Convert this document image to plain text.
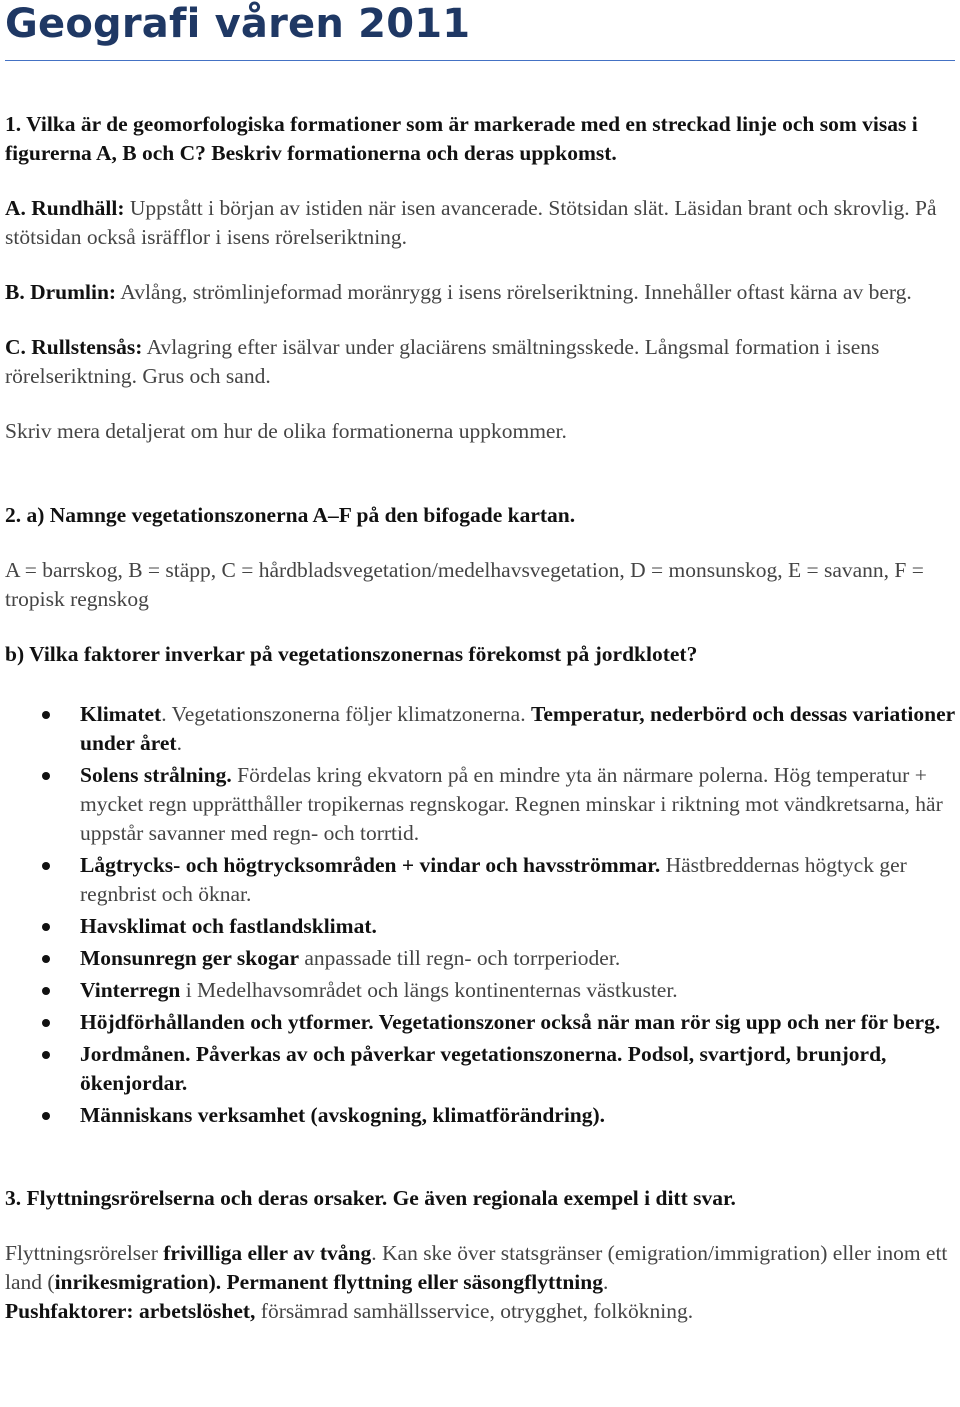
Geografi våren 2011

1. Vilka är de geomorfologiska formationer som är markerade med en streckad linje och som visas i figurerna A, B och C? Beskriv formationerna och deras uppkomst.

A. Rundhäll: Uppstått i början av istiden när isen avancerade. Stötsidan slät. Läsidan brant och skrovlig. På stötsidan också isräfflor i isens rörelseriktning.

B. Drumlin: Avlång, strömlinjeformad moränrygg i isens rörelseriktning. Innehåller oftast kärna av berg.

C. Rullstensås: Avlagring efter isälvar under glaciärens smältningsskede. Långsmal formation i isens rörelseriktning. Grus och sand.

Skriv mera detaljerat om hur de olika formationerna uppkommer.

2. a) Namnge vegetationszonerna A–F på den bifogade kartan.

A = barrskog, B = stäpp, C = hårdbladsvegetation/medelhavsvegetation, D = monsunskog, E = savann, F = tropisk regnskog

b) Vilka faktorer inverkar på vegetationszonernas förekomst på jordklotet?

Klimatet. Vegetationszonerna följer klimatzonerna. Temperatur, nederbörd och dessas variationer under året.
Solens strålning. Fördelas kring ekvatorn på en mindre yta än närmare polerna. Hög temperatur + mycket regn upprätthåller tropikernas regnskogar. Regnen minskar i riktning mot vändkretsarna, här uppstår savanner med regn- och torrtid.
Lågtrycks- och högtrycksområden + vindar och havsströmmar. Hästbreddernas högtyck ger regnbrist och öknar.
Havsklimat och fastlandsklimat.
Monsunregn ger skogar anpassade till regn- och torrperioder.
Vinterregn i Medelhavsområdet och längs kontinenternas västkuster.
Höjdförhållanden och ytformer. Vegetationszoner också när man rör sig upp och ner för berg.
Jordmånen. Påverkas av och påverkar vegetationszonerna. Podsol, svartjord, brunjord, ökenjordar.
Människans verksamhet (avskogning, klimatförändring).

3. Flyttningsrörelserna och deras orsaker. Ge även regionala exempel i ditt svar.

Flyttningsrörelser frivilliga eller av tvång. Kan ske över statsgränser (emigration/immigration) eller inom ett land (inrikesmigration). Permanent flyttning eller säsongflyttning.

Pushfaktorer: arbetslöshet, försämrad samhällsservice, otrygghet, folkökning.
